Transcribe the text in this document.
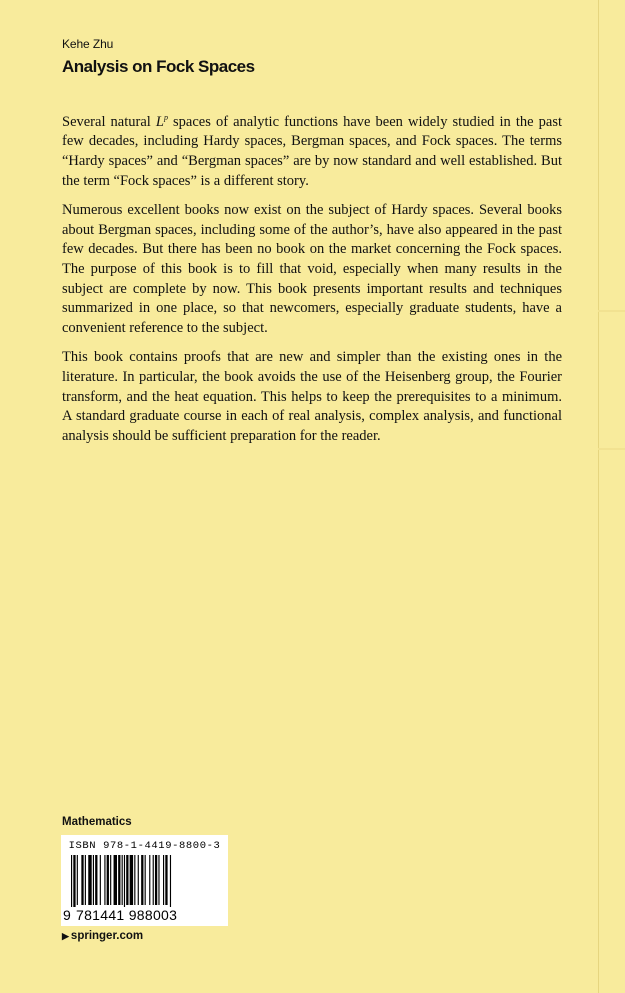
Kehe Zhu
Analysis on Fock Spaces

Several natural $L^p$ spaces of analytic functions have been widely studied in the past few decades, including Hardy spaces, Bergman spaces, and Fock spaces. The terms “Hardy spaces” and “Bergman spaces” are by now standard and well established. But the term “Fock spaces” is a different story.

Numerous excellent books now exist on the subject of Hardy spaces. Several books about Bergman spaces, including some of the author’s, have also appeared in the past few decades. But there has been no book on the market concerning the Fock spaces. The purpose of this book is to fill that void, especially when many results in the subject are complete by now. This book presents important results and techniques summarized in one place, so that newcomers, especially graduate students, have a convenient reference to the subject.

This book contains proofs that are new and simpler than the existing ones in the literature. In particular, the book avoids the use of the Heisenberg group, the Fourier transform, and the heat equation. This helps to keep the prerequisites to a minimum. A standard graduate course in each of real analysis, complex analysis, and functional analysis should be sufficient preparation for the reader.

Mathematics
ISBN 978-1-4419-8800-3
9 781441 988003
▶ springer.com
